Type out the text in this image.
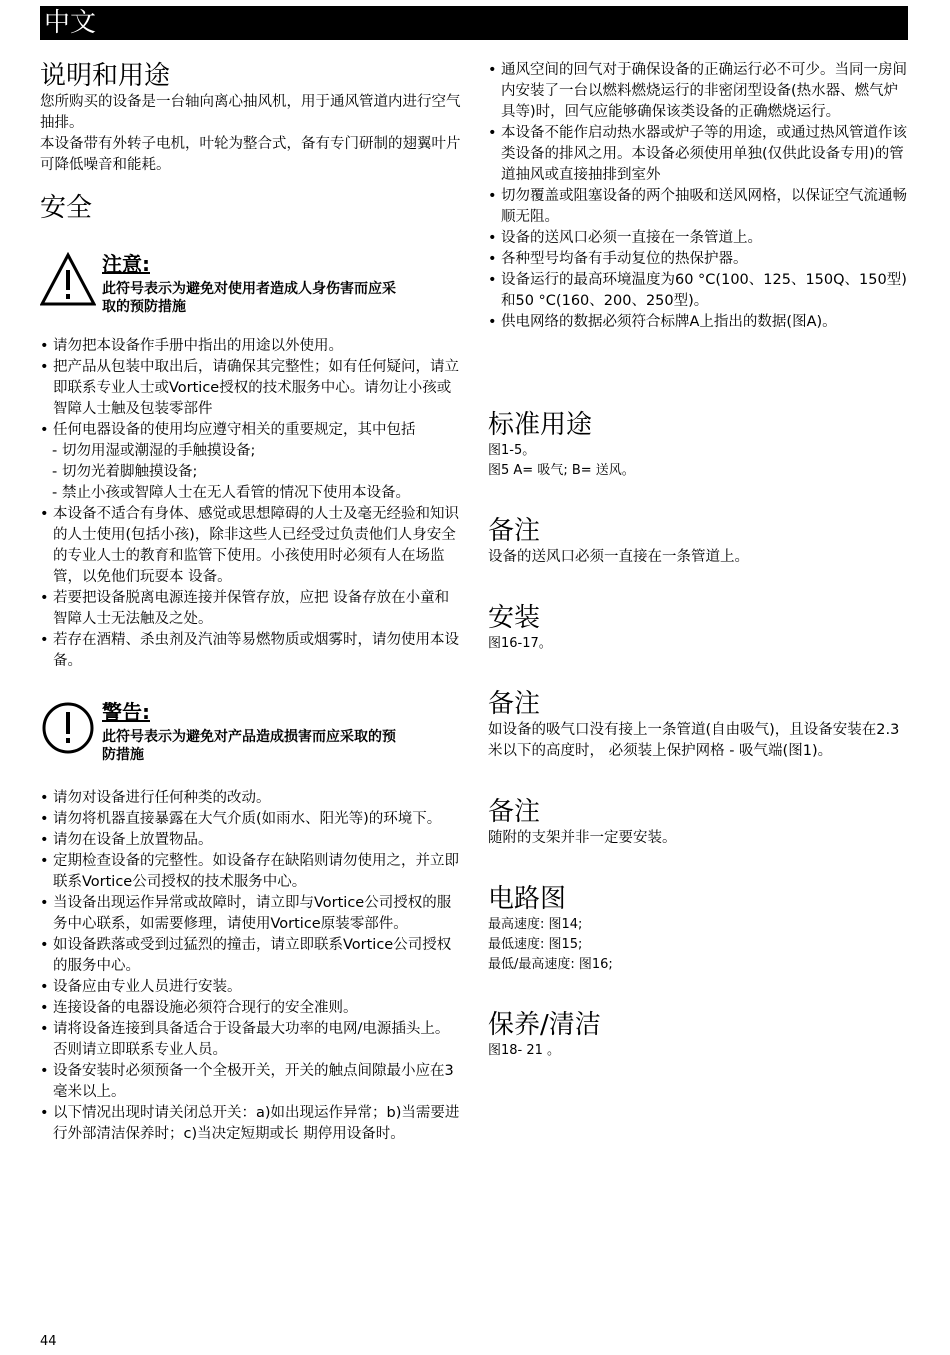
中文
说明和用途

您所购买的设备是一台轴向离心抽风机，用于通风管道内进行空气抽排。

本设备带有外转子电机，叶轮为整合式，备有专门研制的翅翼叶片可降低噪音和能耗。

安全
注意:
此符号表示为避免对使用者造成人身伤害而应采取的预防措施
• 请勿把本设备作手册中指出的用途以外使用。
• 把产品从包装中取出后，请确保其完整性；如有任何疑问，请立即联系专业人士或Vortice授权的技术服务中心。请勿让小孩或智障人士触及包装零部件
• 任何电器设备的使用均应遵守相关的重要规定，其中包括
- 切勿用湿或潮湿的手触摸设备;
- 切勿光着脚触摸设备;
- 禁止小孩或智障人士在无人看管的情况下使用本设备。
• 本设备不适合有身体、感觉或思想障碍的人士及毫无经验和知识的人士使用(包括小孩)，除非这些人已经受过负责他们人身安全的专业人士的教育和监管下使用。小孩使用时必须有人在场监管，以免他们玩耍本 设备。
• 若要把设备脱离电源连接并保管存放，应把 设备存放在小童和智障人士无法触及之处。
• 若存在酒精、杀虫剂及汽油等易燃物质或烟雾时，请勿使用本设备。
警告:
此符号表示为避免对产品造成损害而应采取的预防措施
• 请勿对设备进行任何种类的改动。
• 请勿将机器直接暴露在大气介质(如雨水、阳光等)的环境下。
• 请勿在设备上放置物品。
• 定期检查设备的完整性。如设备存在缺陷则请勿使用之，并立即联系Vortice公司授权的技术服务中心。
• 当设备出现运作异常或故障时，请立即与Vortice公司授权的服务中心联系，如需要修理，请使用Vortice原装零部件。
• 如设备跌落或受到过猛烈的撞击，请立即联系Vortice公司授权的服务中心。
• 设备应由专业人员进行安装。
• 连接设备的电器设施必须符合现行的安全准则。
• 请将设备连接到具备适合于设备最大功率的电网/电源插头上。 否则请立即联系专业人员。
• 设备安装时必须预备一个全极开关，开关的触点间隙最小应在3毫米以上。
• 以下情况出现时请关闭总开关：a)如出现运作异常；b)当需要进行外部清洁保养时；c)当决定短期或长 期停用设备时。
44
• 通风空间的回气对于确保设备的正确运行必不可少。当同一房间内安装了一台以燃料燃烧运行的非密闭型设备(热水器、燃气炉具等)时，回气应能够确保该类设备的正确燃烧运行。
• 本设备不能作启动热水器或炉子等的用途，或通过热风管道作该类设备的排风之用。本设备必须使用单独(仅供此设备专用)的管道抽风或直接抽排到室外
• 切勿覆盖或阻塞设备的两个抽吸和送风网格，以保证空气流通畅顺无阻。
• 设备的送风口必须一直接在一条管道上。
• 各种型号均备有手动复位的热保护器。
• 设备运行的最高环境温度为60 °C(100、125、150Q、150型)和50 °C(160、200、250型)。
• 供电网络的数据必须符合标牌A上指出的数据(图A)。
标准用途

图1-5。

图5 A= 吸气; B= 送风。

备注

设备的送风口必须一直接在一条管道上。

安装

图16-17。

备注

如设备的吸气口没有接上一条管道(自由吸气)，且设备安装在2.3米以下的高度时， 必须装上保护网格 - 吸气端(图1)。

备注

随附的支架并非一定要安装。

电路图

最高速度: 图14;

最低速度: 图15;

最低/最高速度: 图16;

保养/清洁

图18- 21 。
